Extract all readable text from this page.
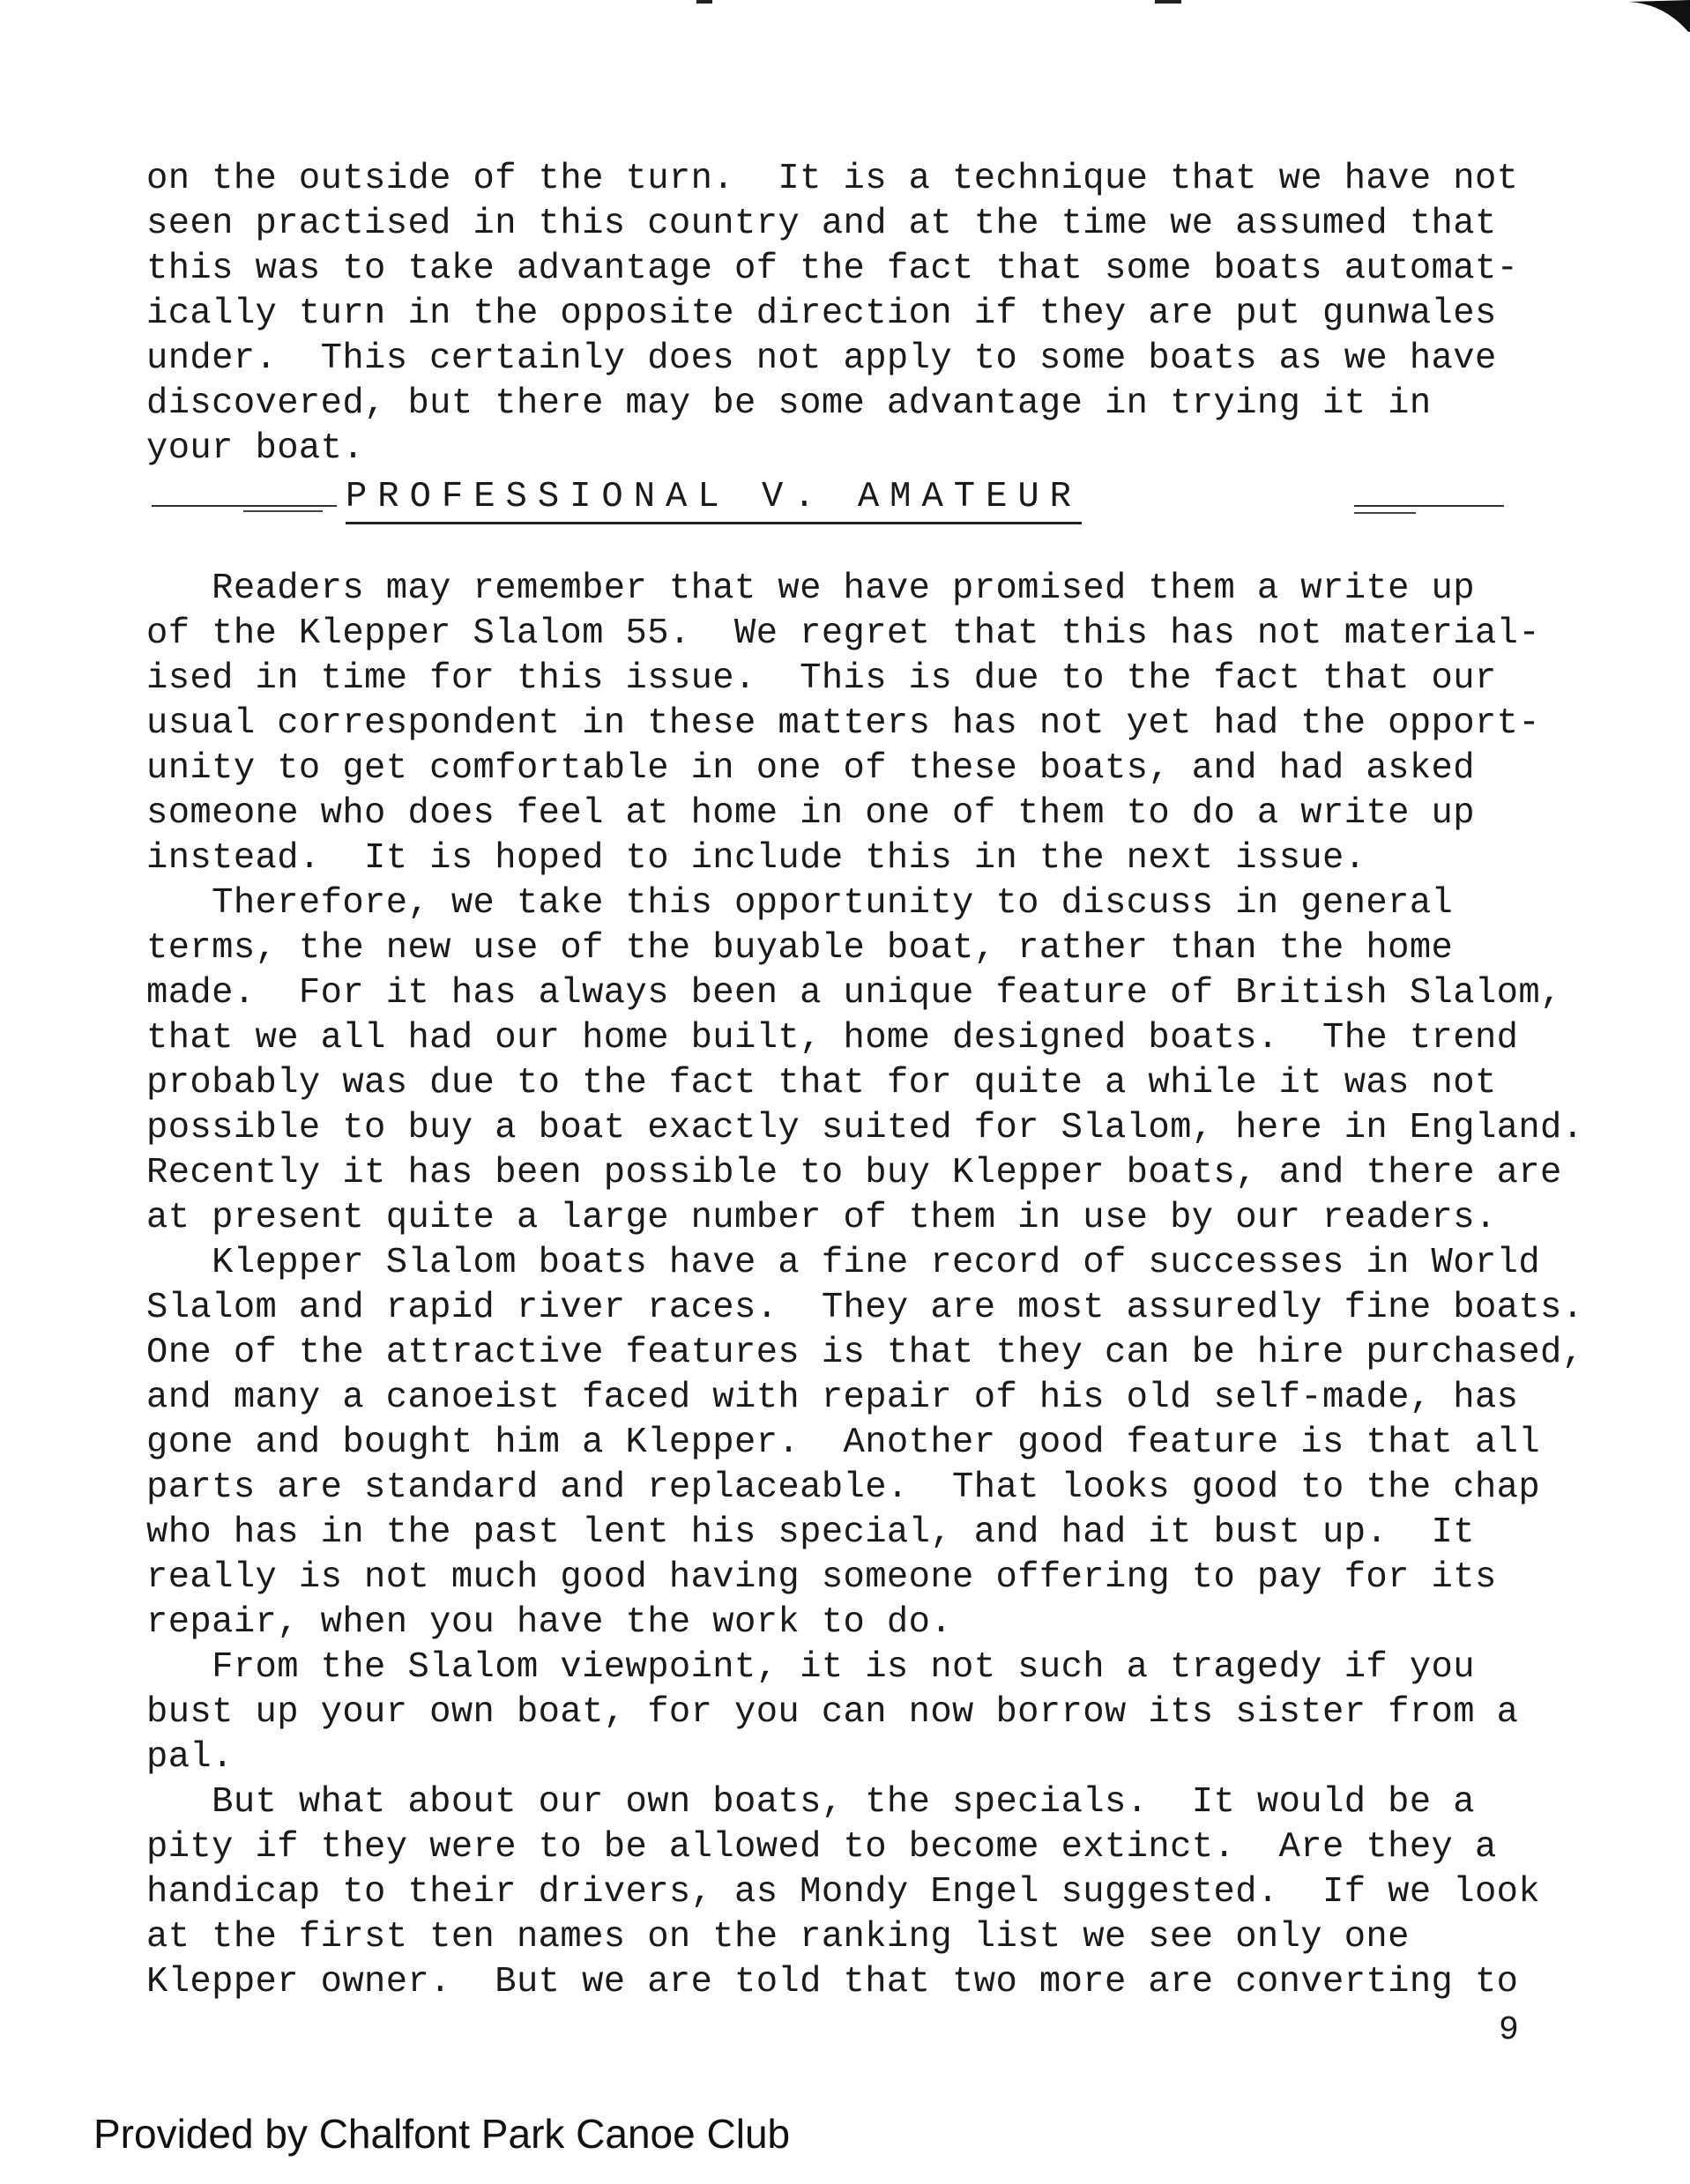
on the outside of the turn.  It is a technique that we have not
seen practised in this country and at the time we assumed that
this was to take advantage of the fact that some boats automat-
ically turn in the opposite direction if they are put gunwales
under.  This certainly does not apply to some boats as we have
discovered, but there may be some advantage in trying it in
your boat.
PROFESSIONAL V. AMATEUR
Readers may remember that we have promised them a write up
of the Klepper Slalom 55.  We regret that this has not material-
ised in time for this issue.  This is due to the fact that our
usual correspondent in these matters has not yet had the opport-
unity to get comfortable in one of these boats, and had asked
someone who does feel at home in one of them to do a write up
instead.  It is hoped to include this in the next issue.
Therefore, we take this opportunity to discuss in general
terms, the new use of the buyable boat, rather than the home
made.  For it has always been a unique feature of British Slalom,
that we all had our home built, home designed boats.  The trend
probably was due to the fact that for quite a while it was not
possible to buy a boat exactly suited for Slalom, here in England.
Recently it has been possible to buy Klepper boats, and there are
at present quite a large number of them in use by our readers.
Klepper Slalom boats have a fine record of successes in World
Slalom and rapid river races.  They are most assuredly fine boats.
One of the attractive features is that they can be hire purchased,
and many a canoeist faced with repair of his old self-made, has
gone and bought him a Klepper.  Another good feature is that all
parts are standard and replaceable.  That looks good to the chap
who has in the past lent his special, and had it bust up.  It
really is not much good having someone offering to pay for its
repair, when you have the work to do.
From the Slalom viewpoint, it is not such a tragedy if you
bust up your own boat, for you can now borrow its sister from a
pal.
But what about our own boats, the specials.  It would be a
pity if they were to be allowed to become extinct.  Are they a
handicap to their drivers, as Mondy Engel suggested.  If we look
at the first ten names on the ranking list we see only one
Klepper owner.  But we are told that two more are converting to
9
Provided by Chalfont Park Canoe Club
